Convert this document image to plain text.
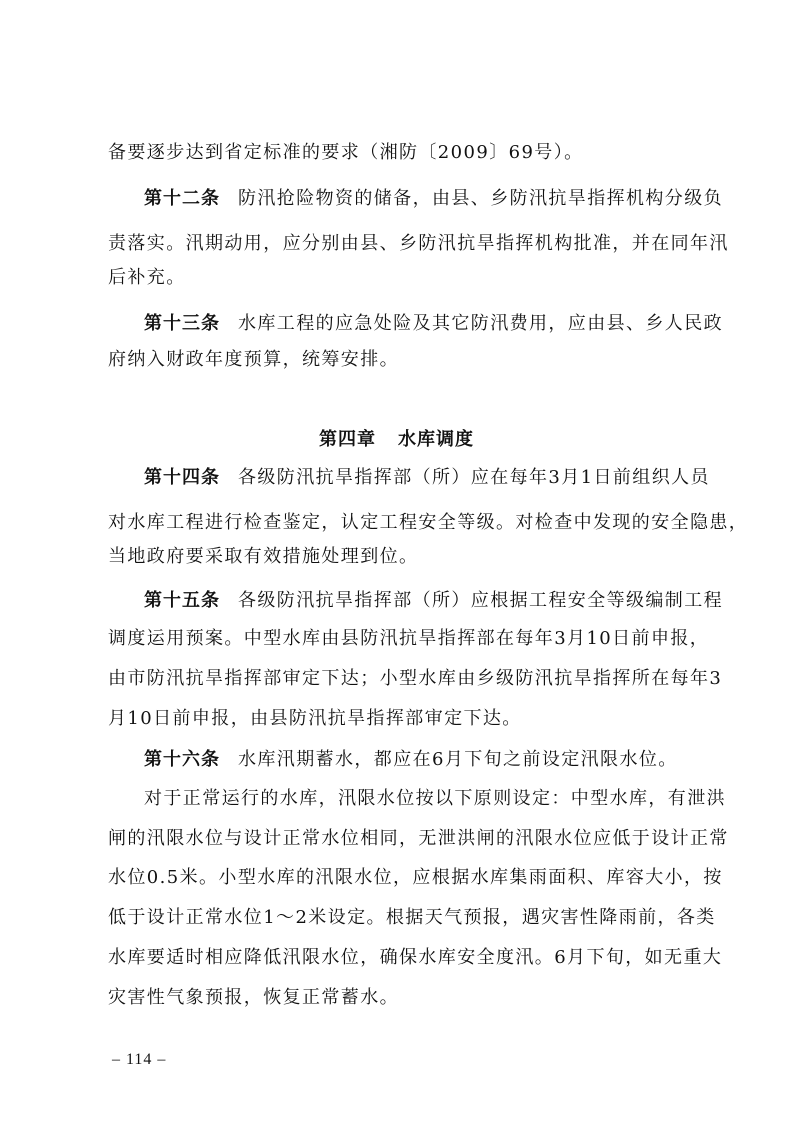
备要逐步达到省定标准的要求（湘防〔2009〕69号）。
第十二条 防汛抢险物资的储备，由县、乡防汛抗旱指挥机构分级负
责落实。汛期动用，应分别由县、乡防汛抗旱指挥机构批准，并在同年汛
后补充。
第十三条 水库工程的应急处险及其它防汛费用，应由县、乡人民政
府纳入财政年度预算，统筹安排。
第四章 水库调度
第十四条 各级防汛抗旱指挥部（所）应在每年3月1日前组织人员
对水库工程进行检查鉴定，认定工程安全等级。对检查中发现的安全隐患，
当地政府要采取有效措施处理到位。
第十五条 各级防汛抗旱指挥部（所）应根据工程安全等级编制工程
调度运用预案。中型水库由县防汛抗旱指挥部在每年3月10日前申报，
由市防汛抗旱指挥部审定下达；小型水库由乡级防汛抗旱指挥所在每年3
月10日前申报，由县防汛抗旱指挥部审定下达。
第十六条 水库汛期蓄水，都应在6月下旬之前设定汛限水位。
对于正常运行的水库，汛限水位按以下原则设定：中型水库，有泄洪
闸的汛限水位与设计正常水位相同，无泄洪闸的汛限水位应低于设计正常
水位0.5米。小型水库的汛限水位，应根据水库集雨面积、库容大小，按
低于设计正常水位1～2米设定。根据天气预报，遇灾害性降雨前，各类
水库要适时相应降低汛限水位，确保水库安全度汛。6月下旬，如无重大
灾害性气象预报，恢复正常蓄水。
– 114 –
